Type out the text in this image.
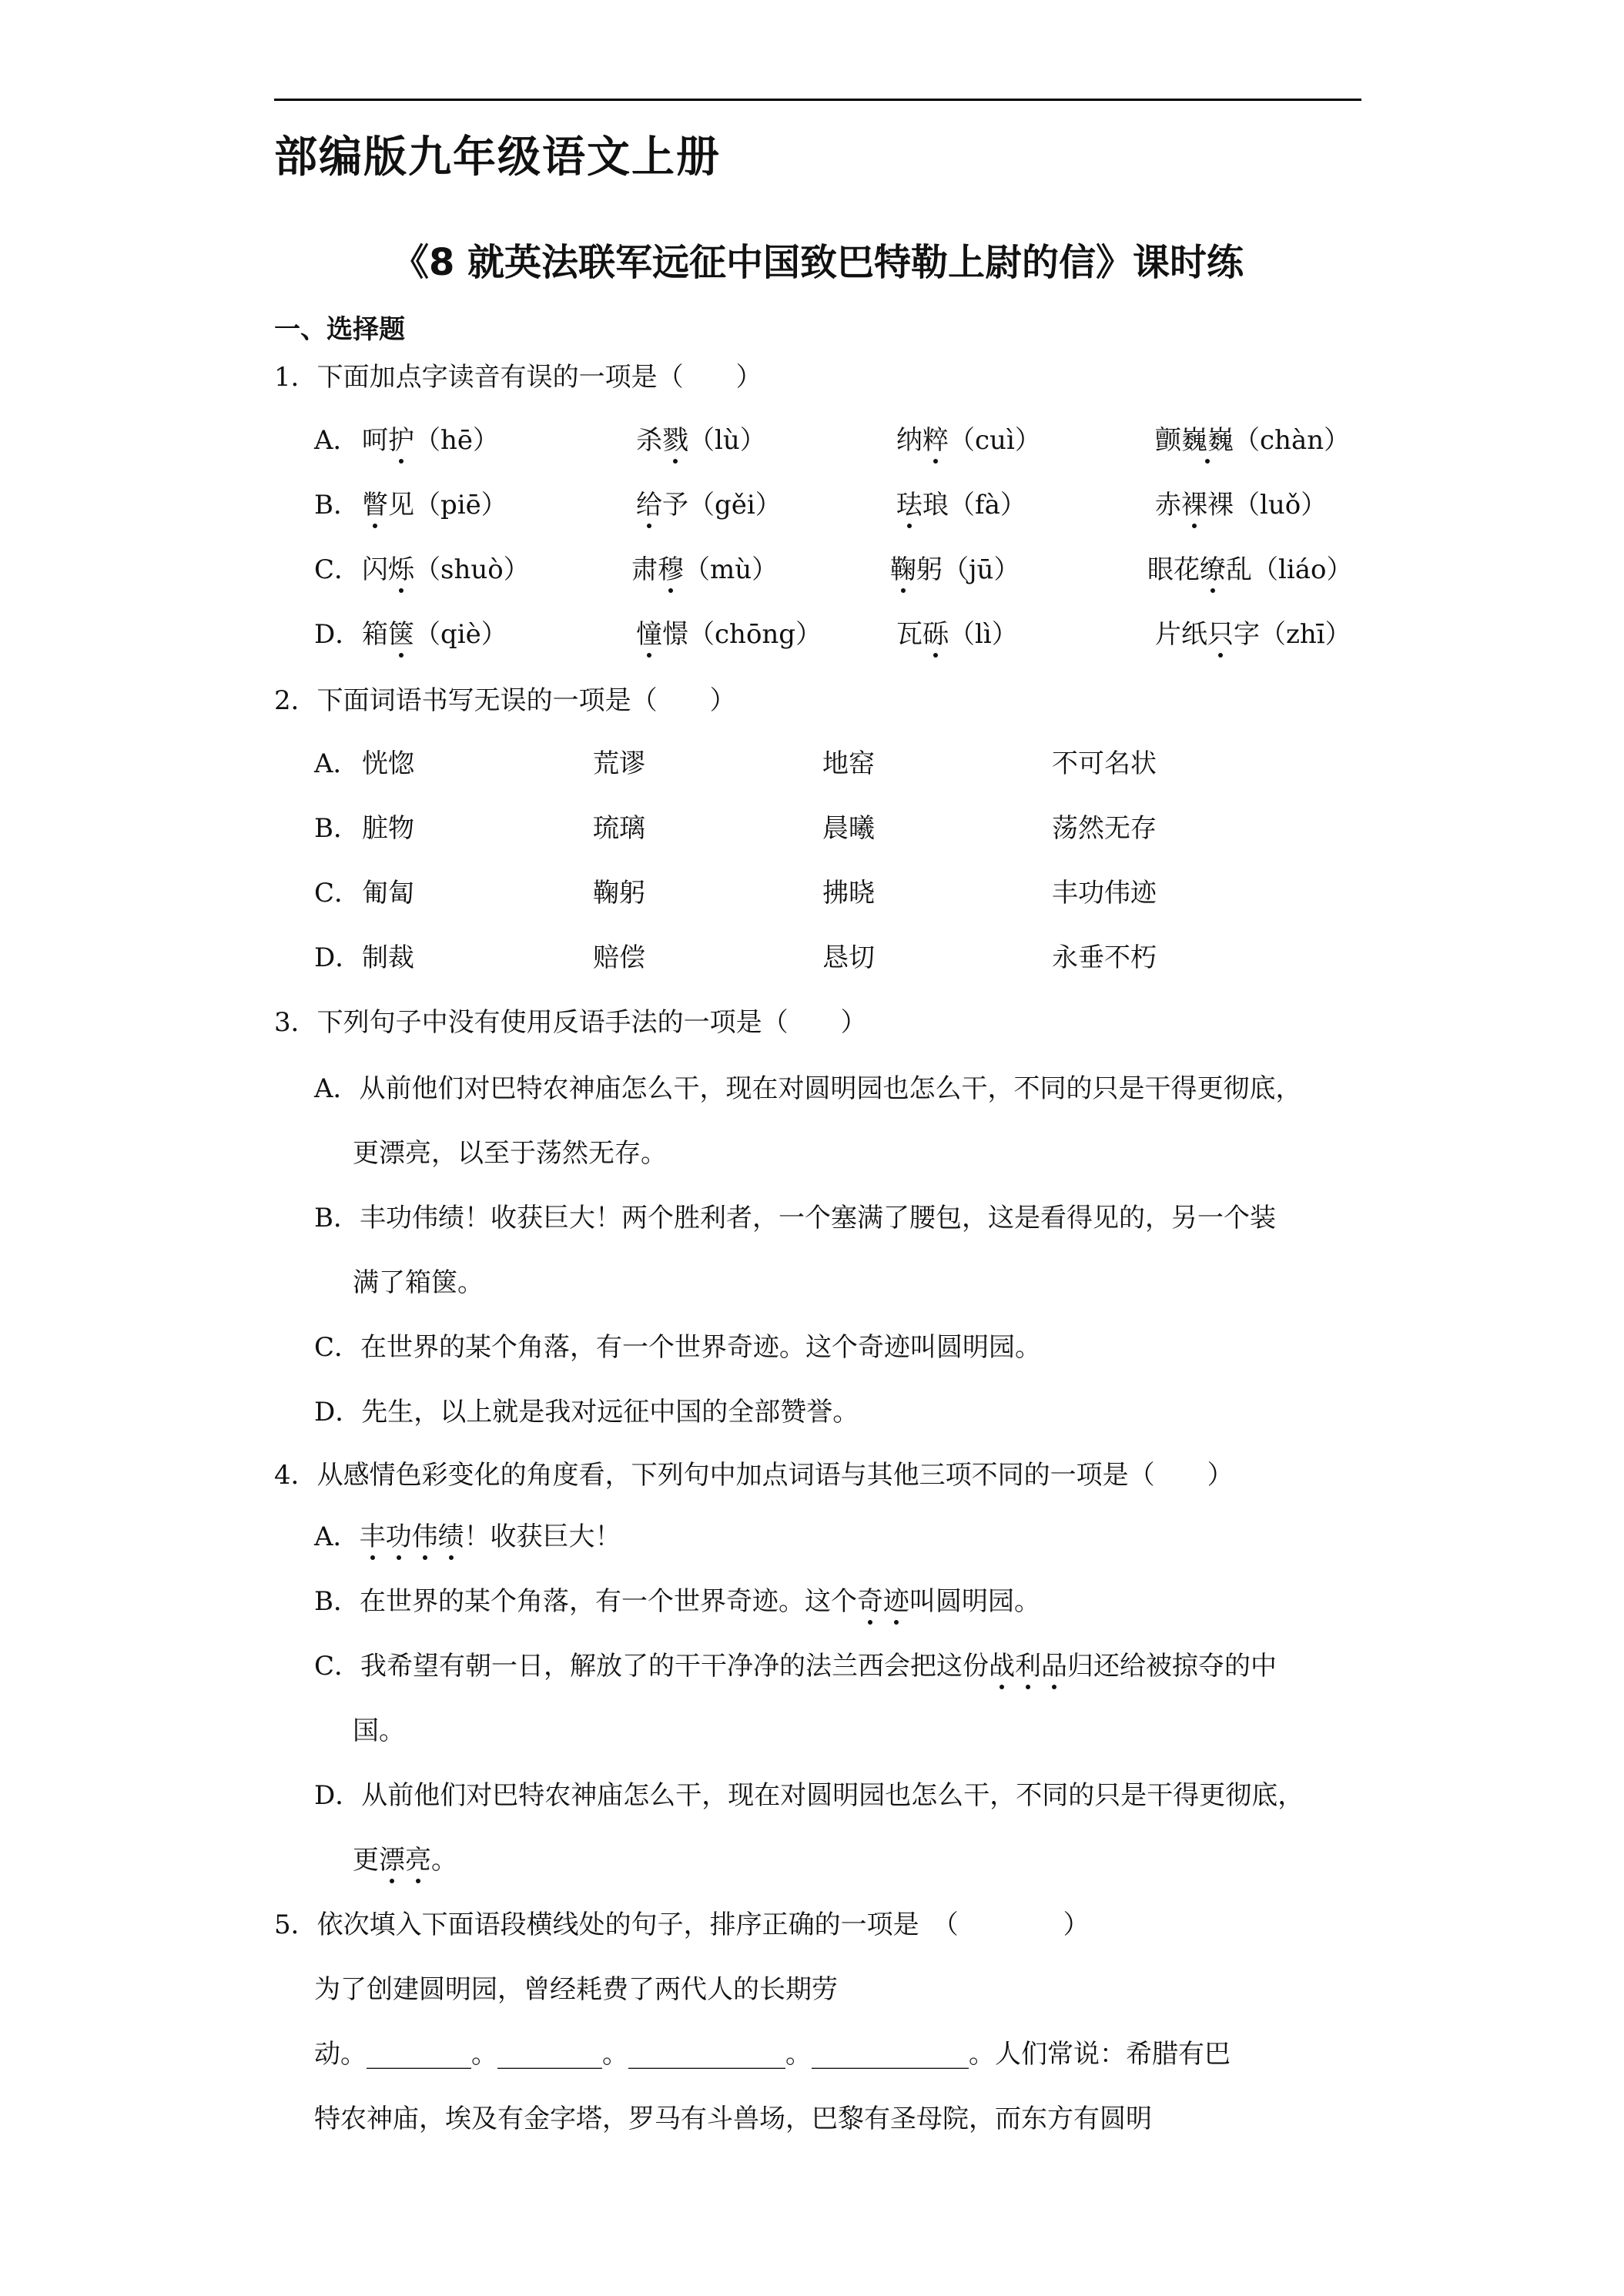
部编版九年级语文上册
《8 就英法联军远征中国致巴特勒上尉的信》课时练
一、选择题
1．下面加点字读音有误的一项是（　　）
A． 呵护（hē）	杀戮（lù）	纳粹（cuì）	颤巍巍（chàn）
B． 瞥见（piē）	给予（gěi）	珐琅（fà）	赤裸裸（luǒ）
C． 闪烁（shuò）	肃穆（mù）	鞠躬（jū）	眼花缭乱（liáo）
D． 箱箧（qiè）	憧憬（chōng）	瓦砾（lì）	片纸只字（zhī）
2．下面词语书写无误的一项是（　　）
A． 恍惚	荒谬	地窑	不可名状
B． 脏物	琉璃	晨曦	荡然无存
C． 匍匐	鞠躬	拂晓	丰功伟迹
D． 制裁	赔偿	恳切	永垂不朽
3．下列句子中没有使用反语手法的一项是（　　）
A．从前他们对巴特农神庙怎么干，现在对圆明园也怎么干，不同的只是干得更彻底，
更漂亮，以至于荡然无存。
B．丰功伟绩！收获巨大！两个胜利者，一个塞满了腰包，这是看得见的，另一个装
满了箱箧。
C．在世界的某个角落，有一个世界奇迹。这个奇迹叫圆明园。
D．先生，以上就是我对远征中国的全部赞誉。
4．从感情色彩变化的角度看，下列句中加点词语与其他三项不同的一项是（　　）
A．丰功伟绩！收获巨大！
B．在世界的某个角落，有一个世界奇迹。这个奇迹叫圆明园。
C．我希望有朝一日，解放了的干干净净的法兰西会把这份战利品归还给被掠夺的中
国。
D．从前他们对巴特农神庙怎么干，现在对圆明园也怎么干，不同的只是干得更彻底，
更漂亮。
5．依次填入下面语段横线处的句子，排序正确的一项是　（　　　　）
为了创建圆明园，曾经耗费了两代人的长期劳
动。________。________。____________。____________。人们常说：希腊有巴
特农神庙，埃及有金字塔，罗马有斗兽场，巴黎有圣母院，而东方有圆明
